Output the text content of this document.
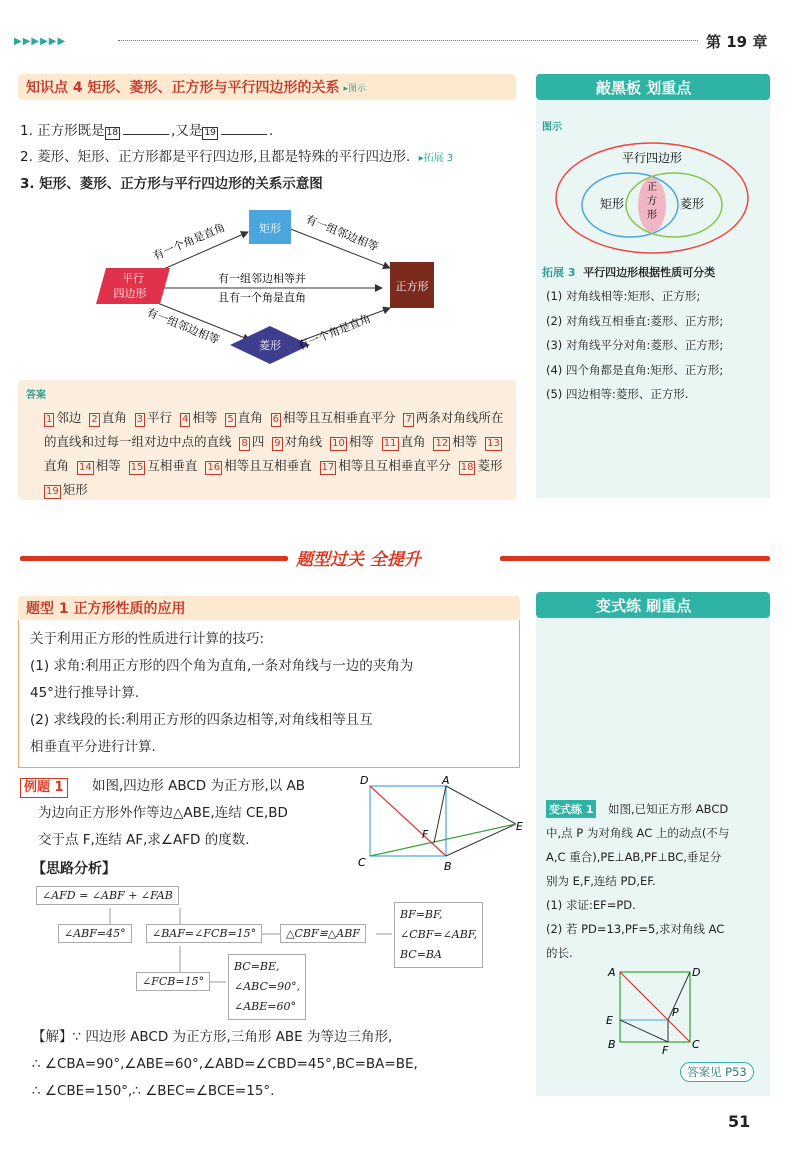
▶▶▶▶▶▶	第 19 章
知识点 4 矩形、菱形、正方形与平行四边形的关系 ▸图示
1. 正方形既是 18	,又是 19	.
2. 菱形、矩形、正方形都是平行四边形,且都是特殊的平行四边形. ▸拓展 3
3. 矩形、菱形、正方形与平行四边形的关系示意图
平行
四边形
矩形
菱形
正方形
有一个角是直角	有一组邻边相等
有一组邻边相等并
且有一个角是直角
有一组邻边相等	有一个角是直角
答案
1 邻边  2 直角  3 平行  4 相等  5 直角  6 相等且互相垂直平分  7 两条对角线所在的直线和过每一组对边中点的直线  8 四  9 对角线  10 相等  11 直角  12 相等  13直角  14 相等  15 互相垂直  16 相等且互相垂直  17 相等且互相垂直平分  18 菱形  19 矩形
敲黑板 划重点
图示
平行四边形
矩形	菱形
正
方
形
拓展 3 平行四边形根据性质可分类
(1) 对角线相等:矩形、正方形;
(2) 对角线互相垂直:菱形、正方形;
(3) 对角线平分对角:菱形、正方形;
(4) 四个角都是直角:矩形、正方形;
(5) 四边相等:菱形、正方形.
题型过关 全提升
题型 1 正方形性质的应用
关于利用正方形的性质进行计算的技巧:
(1) 求角:利用正方形的四个角为直角,一条对角线与一边的夹角为
45°进行推导计算.
(2) 求线段的长:利用正方形的四条边相等,对角线相等且互
相垂直平分进行计算.
例题 1 如图,四边形 ABCD 为正方形,以 AB
为边向正方形外作等边△ABE,连结 CE,BD
交于点 F,连结 AF,求∠AFD 的度数.
D	A
E
F
C	B
【思路分析】
∠AFD = ∠ABF + ∠FAB
∠ABF=45°	∠BAF=∠FCB=15°	△CBF≌△ABF
BF=BF,
∠CBF=∠ABF,
BC=BA
∠FCB=15°
BC=BE,
∠ABC=90°,
∠ABE=60°
【解】∵ 四边形 ABCD 为正方形,三角形 ABE 为等边三角形,
∴ ∠CBA=90°,∠ABE=60°,∠ABD=∠CBD=45°,BC=BA=BE,
∴ ∠CBE=150°,∴ ∠BEC=∠BCE=15°.
变式练 刷重点
变式练 1	如图,已知正方形 ABCD
中,点 P 为对角线 AC 上的动点(不与
A,C 重合),PE⊥AB,PF⊥BC,垂足分
别为 E,F,连结 PD,EF.
(1) 求证:EF=PD.
(2) 若 PD=13,PF=5,求对角线 AC
的长.
A	D
E
P
B	F C
答案见 P53
51
